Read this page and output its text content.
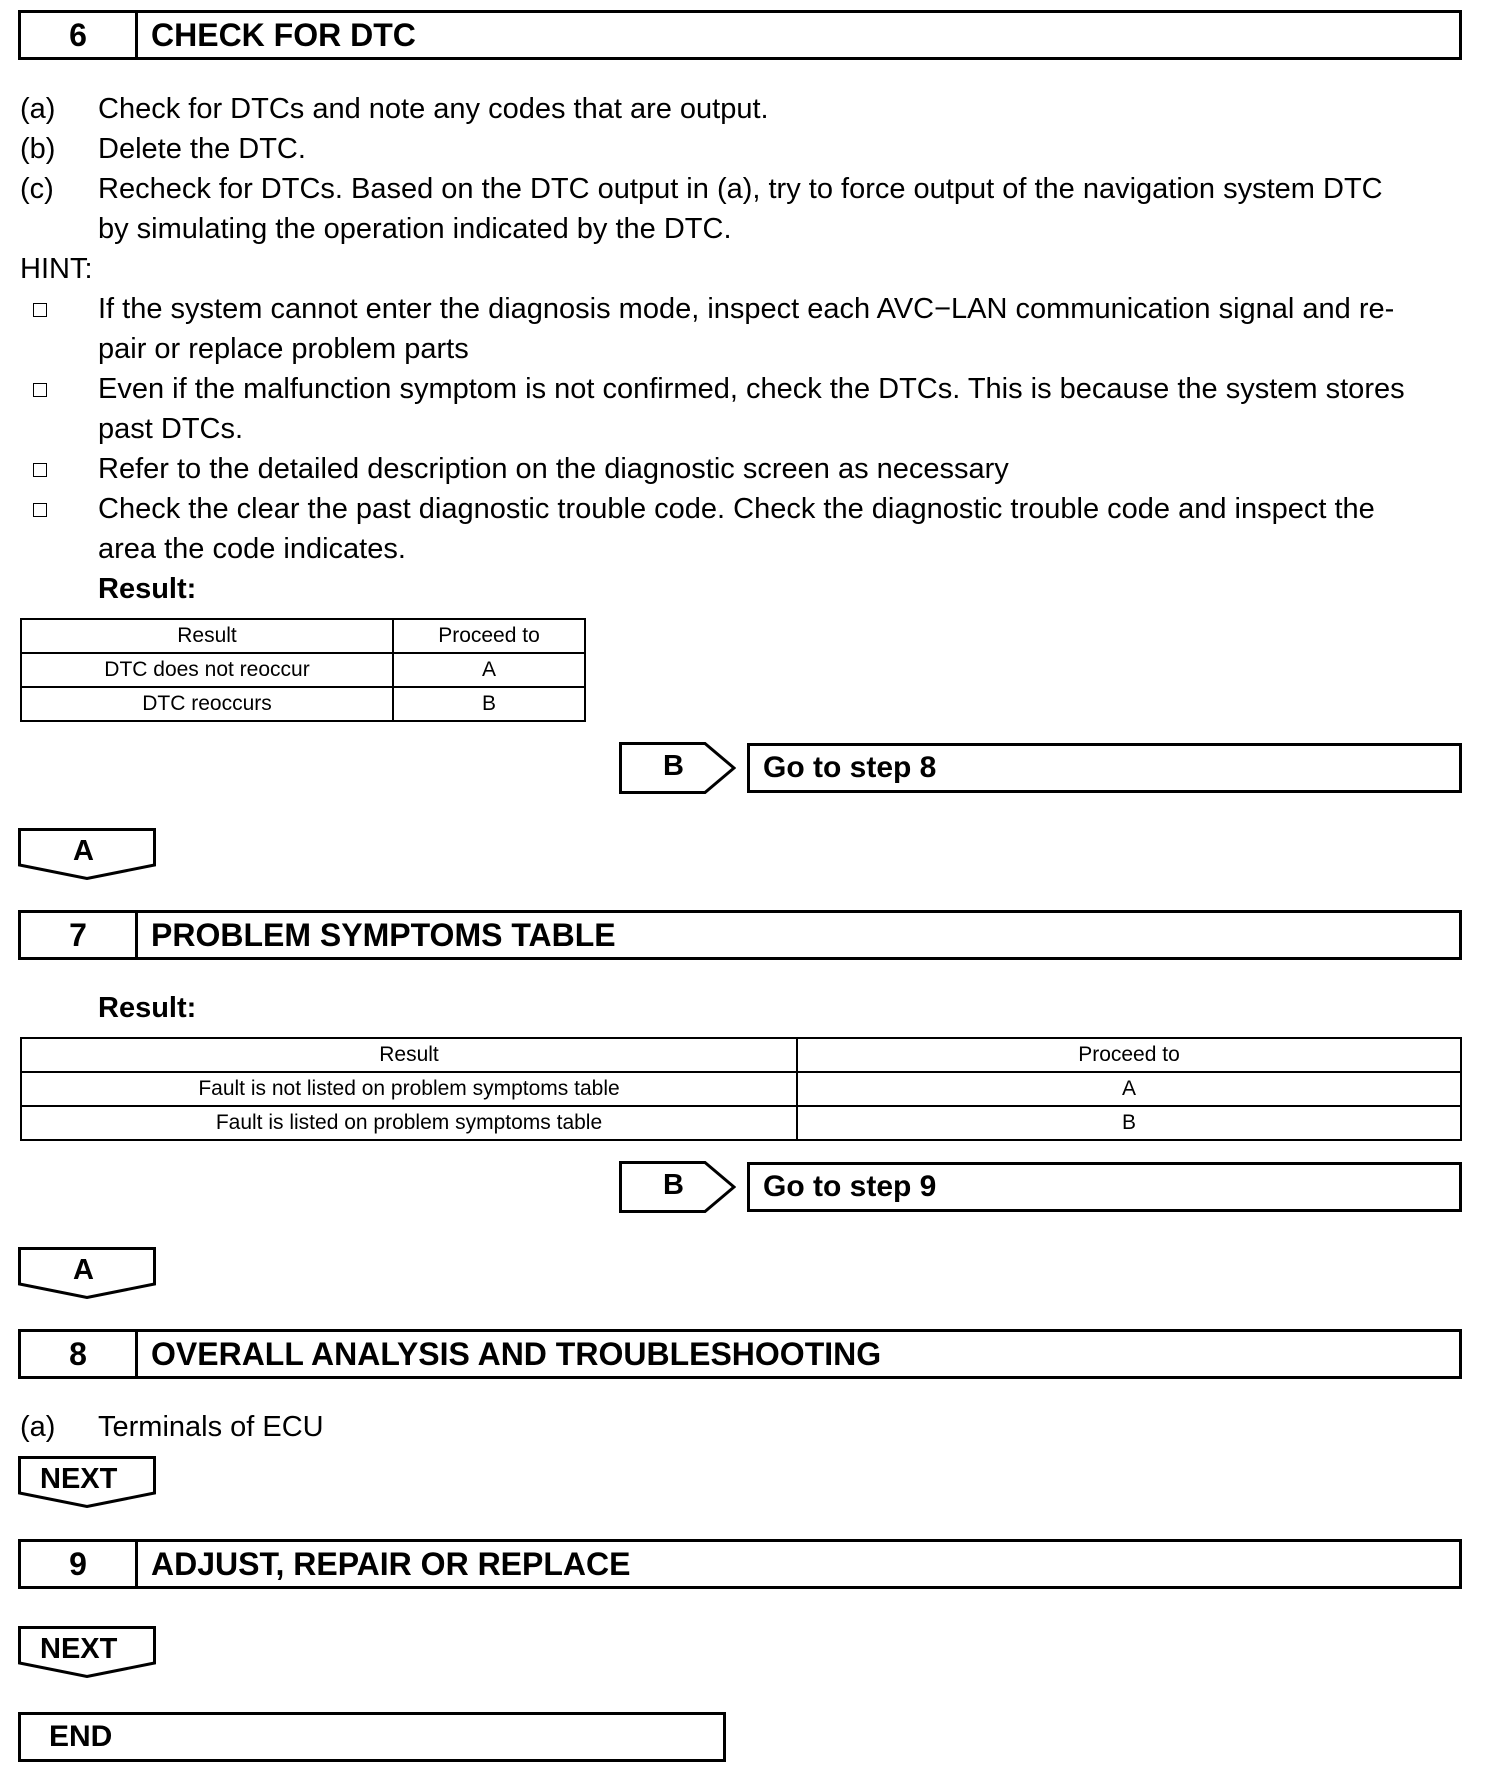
6	CHECK FOR DTC
(a) Check for DTCs and note any codes that are output.
(b) Delete the DTC.
(c) Recheck for DTCs. Based on the DTC output in (a), try to force output of the navigation system DTC
by simulating the operation indicated by the DTC.
HINT:
If the system cannot enter the diagnosis mode, inspect each AVC−LAN communication signal and re-
pair or replace problem parts
Even if the malfunction symptom is not confirmed, check the DTCs. This is because the system stores
past DTCs.
Refer to the detailed description on the diagnostic screen as necessary
Check the clear the past diagnostic trouble code. Check the diagnostic trouble code and inspect the
area the code indicates.
Result:
Result	Proceed to
DTC does not reoccur	A
DTC reoccurs	B
B	Go to step 8
A
7	PROBLEM SYMPTOMS TABLE
Result:
Result	Proceed to
Fault is not listed on problem symptoms table	A
Fault is listed on problem symptoms table	B
B	Go to step 9
A
8	OVERALL ANALYSIS AND TROUBLESHOOTING
(a) Terminals of ECU
NEXT
9	ADJUST, REPAIR OR REPLACE
NEXT
END
